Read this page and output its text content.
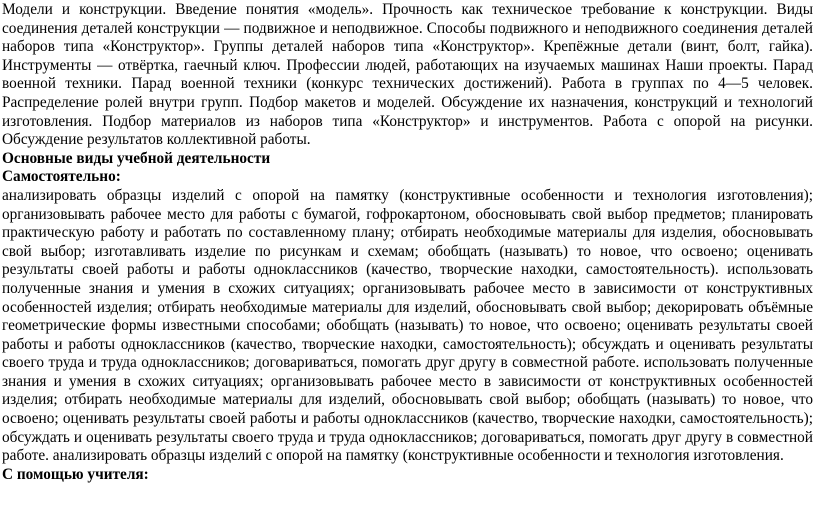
Модели и конструкции. Введение понятия «модель». Прочность как техническое требование к конструкции. Виды соединения деталей конструкции — подвижное и неподвижное. Способы подвижного и неподвижного соединения деталей наборов типа «Конструктор». Группы деталей наборов типа «Конструктор». Крепёжные детали (винт, болт, гайка). Инструменты — отвёртка, гаечный ключ. Профессии людей, работающих на изучаемых машинах Наши проекты. Парад военной техники. Парад военной техники (конкурс технических достижений). Работа в группах по 4—5 человек. Распределение ролей внутри групп. Подбор макетов и моделей. Обсуждение их назначения, конструкций и технологий изготовления. Подбор материалов из наборов типа «Конструктор» и инструментов. Работа с опорой на рисунки. Обсуждение результатов коллективной работы.

Основные виды учебной деятельности

Самостоятельно:

анализировать образцы изделий с опорой на памятку (конструктивные особенности и технология изготовления); организовывать рабочее место для работы с бумагой, гофрокартоном, обосновывать свой выбор предметов; планировать практическую работу и работать по составленному плану; отбирать необходимые материалы для изделия, обосновывать свой выбор; изготавливать изделие по рисункам и схемам; обобщать (называть) то новое, что освоено; оценивать результаты своей работы и работы одноклассников (качество, творческие находки, самостоятельность). использовать полученные знания и умения в схожих ситуациях; организовывать рабочее место в зависимости от конструктивных особенностей изделия; отбирать необходимые материалы для изделий, обосновывать свой выбор; декорировать объёмные геометрические формы известными способами; обобщать (называть) то новое, что освоено; оценивать результаты своей работы и работы одноклассников (качество, творческие находки, самостоятельность); обсуждать и оценивать результаты своего труда и труда одноклассников; договариваться, помогать друг другу в совместной работе. использовать полученные знания и умения в схожих ситуациях; организовывать рабочее место в зависимости от конструктивных особенностей изделия; отбирать необходимые материалы для изделий, обосновывать свой выбор; обобщать (называть) то новое, что освоено; оценивать результаты своей работы и работы одноклассников (качество, творческие находки, самостоятельность); обсуждать и оценивать результаты своего труда и труда одноклассников; договариваться, помогать друг другу в совместной работе. анализировать образцы изделий с опорой на памятку (конструктивные особенности и технология изготовления.

С помощью учителя:
